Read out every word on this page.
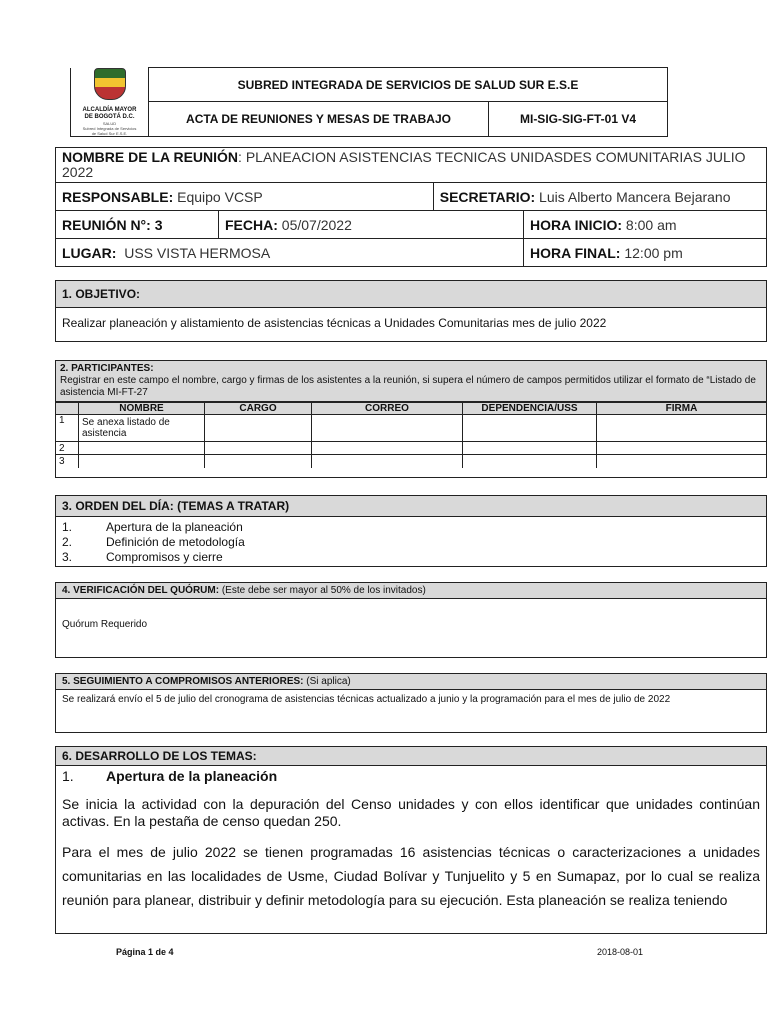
ALCALDÍA MAYOR
DE BOGOTÁ D.C.
SALUD
Subred Integrada de Servicios
de Salud Sur E.S.E.	SUBRED INTEGRADA DE SERVICIOS DE SALUD SUR E.S.E	
	ACTA DE REUNIONES Y MESAS DE TRABAJO	MI-SIG-SIG-FT-01 V4
NOMBRE DE LA REUNIÓN: PLANEACION ASISTENCIAS TECNICAS UNIDASDES COMUNITARIAS JULIO 2022			
RESPONSABLE: Equipo VCSP		SECRETARIO: Luis Alberto Mancera Bejarano	
REUNIÓN N°: 3	FECHA: 05/07/2022		HORA INICIO: 8:00 am
LUGAR:  USS VISTA HERMOSA			HORA FINAL: 12:00 pm
1. OBJETIVO:
Realizar planeación y alistamiento de asistencias técnicas a Unidades Comunitarias mes de julio 2022
2. PARTICIPANTES:
Registrar en este campo el nombre, cargo y firmas de los asistentes a la reunión, si supera el número de campos permitidos utilizar el formato de “Listado de asistencia MI-FT-27
	NOMBRE	CARGO	CORREO	DEPENDENCIA/USS	FIRMA
1	Se anexa listado de asistencia				
2					
3					
3. ORDEN DEL DÍA: (TEMAS A TRATAR)
1.	Apertura de la planeación
2.	Definición de metodología
3.	Compromisos y cierre
4. VERIFICACIÓN DEL QUÓRUM: (Este debe ser mayor al 50% de los invitados)
Quórum Requerido
5. SEGUIMIENTO A COMPROMISOS ANTERIORES: (Si aplica)
Se realizará envío el 5 de julio del cronograma de asistencias técnicas actualizado a junio y la programación para el mes de julio de 2022
6. DESARROLLO DE LOS TEMAS:
1. Apertura de la planeación
Se inicia la actividad con la depuración del Censo unidades y con ellos identificar que unidades continúan activas. En la pestaña de censo quedan 250.
Para el mes de julio 2022 se tienen programadas 16 asistencias técnicas o caracterizaciones a unidades comunitarias en las localidades de Usme, Ciudad Bolívar y Tunjuelito y 5 en Sumapaz, por lo cual se realiza reunión para planear, distribuir y definir metodología para su ejecución. Esta planeación se realiza teniendo
Página 1 de 4	2018-08-01
